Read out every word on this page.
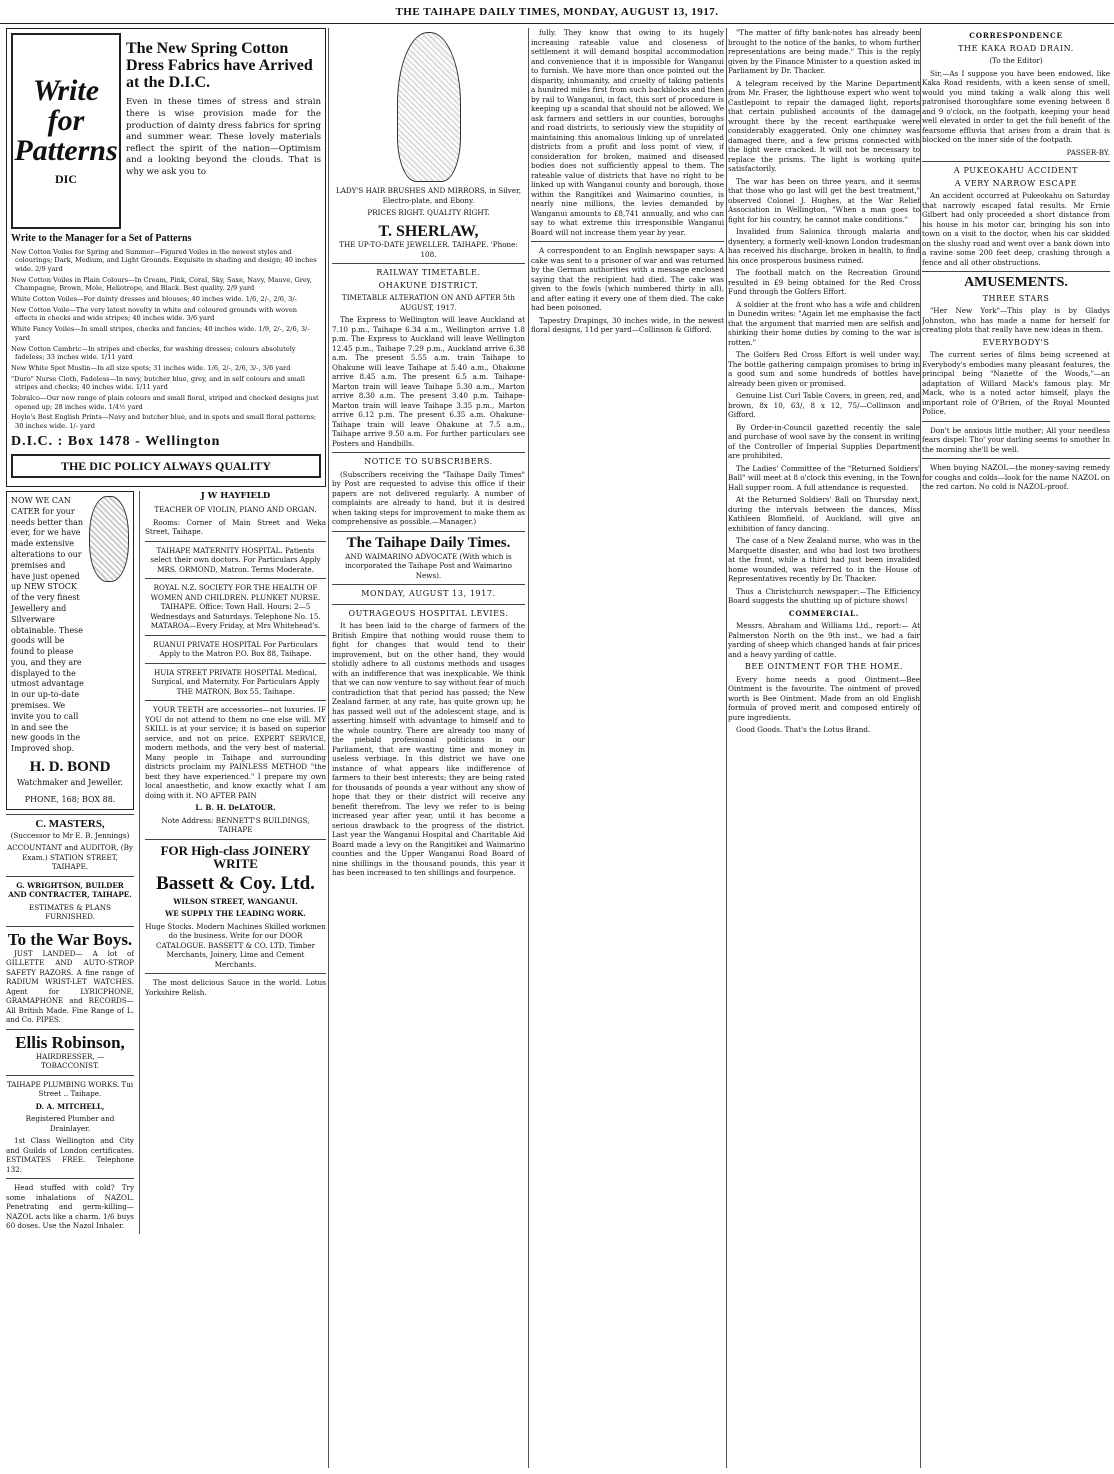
THE TAIHAPE DAILY TIMES, MONDAY, AUGUST 13, 1917.
Write for Patterns
DIC
The New Spring Cotton Dress Fabrics have Arrived at the D.I.C.
Even in these times of stress and strain there is wise provision made for the production of dainty dress fabrics for spring and summer wear. These lovely materials reflect the spirit of the nation—Optimism and a looking beyond the clouds. That is why we ask you to
Write to the Manager for a Set of Patterns
New Cotton Voiles for Spring and Summer—Figured Voiles in the newest styles and colourings; Dark, Medium, and Light Grounds. Exquisite in shading and design; 40 inches wide. 2/9 yard
New Cotton Voiles in Plain Colours—In Cream, Pink, Coral, Sky, Saxe, Navy, Mauve, Grey, Champagne, Brown, Mole, Heliotrope, and Black. Best quality. 2/9 yard
White Cotton Voiles—For dainty dresses and blouses; 40 inches wide. 1/6, 2/-, 2/6, 3/-
New Cotton Voile—The very latest novelty in white and coloured grounds with woven effects in checks and wide stripes; 40 inches wide. 3/6 yard
White Fancy Voiles—In small stripes, checks and fancies; 40 inches wide. 1/9, 2/-, 2/6, 3/- yard
New Cotton Cambric—In stripes and checks, for washing dresses; colours absolutely fadeless; 33 inches wide. 1/11 yard
New White Spot Muslin—In all size spots; 31 inches wide. 1/6, 2/-, 2/6, 3/-, 3/6 yard
"Duro" Nurse Cloth, Fadeless—In navy, butcher blue, grey, and in self colours and small stripes and checks; 40 inches wide. 1/11 yard
Tobralco—Our new range of plain colours and small floral, striped and checked designs just opened up; 28 inches wide. 1/4½ yard
Hoyle's Best English Prints—Navy and butcher blue, and in spots and small floral patterns; 30 inches wide. 1/- yard
D.I.C. : Box 1478 - Wellington
THE DIC POLICY ALWAYS QUALITY
NOW WE CAN CATER for your needs better than ever, for we have made extensive alterations to our premises and have just opened up NEW STOCK of the very finest Jewellery and Silverware obtainable. These goods will be found to please you, and they are displayed to the utmost advantage in our up-to-date premises. We invite you to call in and see the new goods in the Improved shop.
H. D. BOND
Watchmaker and Jeweller.
PHONE, 168; BOX 88.
C. MASTERS,

(Successor to Mr E. B. Jennings)

ACCOUNTANT and AUDITOR, (By Exam.) STATION STREET, TAIHAPE.

G. WRIGHTSON, BUILDER AND CONTRACTER, TAIHAPE.

ESTIMATES & PLANS FURNISHED.

To the War Boys.

JUST LANDED— A lot of GILLETTE AND AUTO-STROP SAFETY RAZORS. A fine range of RADIUM WRIST-LET WATCHES. Agent for LYRICPHONE, GRAMAPHONE and RECORDS—All British Made. Fine Range of L. and Co. PIPES.

Ellis Robinson,

HAIRDRESSER, — TOBACCONIST.

TAIHAPE PLUMBING WORKS. Tui Street .. Taihape.

D. A. MITCHELL,

Registered Plumber and Drainlayer.

1st Class Wellington and City and Guilds of London certificates. ESTIMATES FREE. Telephone 132.

Head stuffed with cold? Try some inhalations of NAZOL. Penetrating and germ-killing—NAZOL acts like a charm. 1/6 buys 60 doses. Use the Nazol Inhaler.

J W HAYFIELD

TEACHER OF VIOLIN, PIANO AND ORGAN.

Rooms: Corner of Main Street and Weka Street, Taihape.

TAIHAPE MATERNITY HOSPITAL. Patients select their own doctors. For Particulars Apply MRS. ORMOND, Matron. Terms Moderate.

ROYAL N.Z. SOCIETY FOR THE HEALTH OF WOMEN AND CHILDREN. PLUNKET NURSE. TAIHAPE. Office: Town Hall. Hours: 2—5 Wednesdays and Saturdays. Telephone No. 15. MATAROA—Every Friday, at Mrs Whitehead's.

RUANUI PRIVATE HOSPITAL For Particulars Apply to the Matron P.O. Box 88, Taihape.

HUIA STREET PRIVATE HOSPITAL Medical, Surgical, and Maternity. For Particulars Apply THE MATRON, Box 55, Taihape.

YOUR TEETH are accessories—not luxuries. IF YOU do not attend to them no one else will. MY SKILL is at your service; it is based on superior service, and not on price. EXPERT SERVICE, modern methods, and the very best of material. Many people in Taihape and surrounding districts proclaim my PAINLESS METHOD "the best they have experienced." I prepare my own local anaesthetic, and know exactly what I am doing with it. NO AFTER PAIN

L. B. H. DeLATOUR.

Note Address: BENNETT'S BUILDINGS, TAIHAPE

FOR High-class JOINERY WRITE
Bassett & Coy. Ltd.

WILSON STREET, WANGANUI.

WE SUPPLY THE LEADING WORK.

Huge Stocks. Modern Machines Skilled workmen do the business. Write for our DOOR CATALOGUE. BASSETT & CO. LTD. Timber Merchants, Joinery, Lime and Cement Merchants.

The most delicious Sauce in the world. Lotus Yorkshire Relish.

LADY'S HAIR BRUSHES AND MIRRORS, in Silver, Electro-plate, and Ebony.

PRICES RIGHT. QUALITY RIGHT.

T. SHERLAW,

THE UP-TO-DATE JEWELLER. TAIHAPE. 'Phone: 108.

RAILWAY TIMETABLE.
OHAKUNE DISTRICT.

TIMETABLE ALTERATION ON AND AFTER 5th AUGUST, 1917.

The Express to Wellington will leave Auckland at 7.10 p.m., Taihape 6.34 a.m., Wellington arrive 1.8 p.m. The Express to Auckland will leave Wellington 12.45 p.m., Taihape 7.29 p.m., Auckland arrive 6.38 a.m. The present 5.55 a.m. train Taihape to Ohakune will leave Taihape at 5.40 a.m., Ohakune arrive 8.45 a.m. The present 6.5 a.m. Taihape-Marton train will leave Taihape 5.30 a.m., Marton arrive 8.30 a.m. The present 3.40 p.m. Taihape-Marton train will leave Taihape 3.35 p.m., Marton arrive 6.12 p.m. The present 6.35 a.m. Ohakune-Taihape train will leave Ohakune at 7.5 a.m., Taihape arrive 9.50 a.m. For further particulars see Posters and Handbills.

NOTICE TO SUBSCRIBERS.

(Subscribers receiving the "Taihape Daily Times" by Post are requested to advise this office if their papers are not delivered regularly. A number of complaints are already to hand, but it is desired when taking steps for improvement to make them as comprehensive as possible.—Manager.)

The Taihape Daily Times.

AND WAIMARINO ADVOCATE (With which is incorporated the Taihape Post and Waimarino News).

MONDAY, AUGUST 13, 1917.
OUTRAGEOUS HOSPITAL LEVIES.

It has been laid to the charge of farmers of the British Empire that nothing would rouse them to fight for changes that would tend to their improvement, but on the other hand, they would stolidly adhere to all customs methods and usages with an indifference that was inexplicable. We think that we can now venture to say without fear of much contradiction that that period has passed; the New Zealand farmer, at any rate, has quite grown up; he has passed well out of the adolescent stage, and is asserting himself with advantage to himself and to the whole country. There are already too many of the piebald professional politicians in our Parliament, that are wasting time and money in useless verbiage. In this district we have one instance of what appears like indifference of farmers to their best interests; they are being rated for thousands of pounds a year without any show of hope that they or their district will receive any benefit therefrom. The levy we refer to is being increased year after year, until it has become a serious drawback to the progress of the district. Last year the Wanganui Hospital and Charitable Aid Board made a levy on the Rangitikei and Waimarino counties and the Upper Wanganui Road Board of nine shillings in the thousand pounds, this year it has been increased to ten shillings and fourpence.

fully. They know that owing to its hugely increasing rateable value and closeness of settlement it will demand hospital accommodation and convenience that it is impossible for Wanganui to furnish. We have more than once pointed out the disparity, inhumanity, and cruelty of taking patients a hundred miles first from such backblocks and then by rail to Wanganui, in fact, this sort of procedure is keeping up a scandal that should not be allowed. We ask farmers and settlers in our counties, boroughs and road districts, to seriously view the stupidity of maintaining this anomalous linking up of unrelated districts from a profit and loss point of view, if consideration for broken, maimed and diseased bodies does not sufficiently appeal to them. The rateable value of districts that have no right to be linked up with Wanganui county and borough, those within the Rangitikei and Waimarino counties, is nearly nine millions, the levies demanded by Wanganui amounts to £8,741 annually, and who can say to what extreme this irresponsible Wanganui Board will not increase them year by year.

A correspondent to an English newspaper says: A cake was sent to a prisoner of war and was returned by the German authorities with a message enclosed saying that the recipient had died. The cake was given to the fowls (which numbered thirty in all), and after eating it every one of them died. The cake had been poisoned.

Tapestry Drapings, 30 inches wide, in the newest floral designs, 11d per yard—Collinson & Gifford.

"The matter of fifty bank-notes has already been brought to the notice of the banks, to whom further representations are being made." This is the reply given by the Finance Minister to a question asked in Parliament by Dr. Thacker.

A telegram received by the Marine Department from Mr. Fraser, the lighthouse expert who went to Castlepoint to repair the damaged light, reports that certain published accounts of the damage wrought there by the recent earthquake were considerably exaggerated. Only one chimney was damaged there, and a few prisms connected with the light were cracked. It will not be necessary to replace the prisms. The light is working quite satisfactorily.

The war has been on three years, and it seems that those who go last will get the best treatment," observed Colonel J. Hughes, at the War Relief Association in Wellington. "When a man goes to fight for his country, he cannot make conditions."

Invalided from Salonica through malaria and dysentery, a formerly well-known London tradesman has received his discharge, broken in health, to find his once prosperous business ruined.

The football match on the Recreation Ground resulted in £9 being obtained for the Red Cross Fund through the Golfers Effort.

A soldier at the front who has a wife and children in Dunedin writes: "Again let me emphasise the fact that the argument that married men are selfish and shirking their home duties by coming to the war is rotten."

The Golfers Red Cross Effort is well under way. The bottle gathering campaign promises to bring in a good sum and some hundreds of bottles have already been given or promised.

Genuine List Curl Table Covers, in green, red, and brown, 8x 10, 63/, 8 x 12, 75/—Collinson and Gifford.

By Order-in-Council gazetted recently the sale and purchase of wool save by the consent in writing of the Controller of Imperial Supplies Department are prohibited.

The Ladies' Committee of the "Returned Soldiers' Ball" will meet at 8 o'clock this evening, in the Town Hall supper room. A full attendance is requested.

At the Returned Soldiers' Ball on Thursday next, during the intervals between the dances, Miss Kathleen Blomfield, of Auckland, will give an exhibition of fancy dancing.

The case of a New Zealand nurse, who was in the Marquette disaster, and who had lost two brothers at the front, while a third had just been invalided home wounded, was referred to in the House of Representatives recently by Dr. Thacker.

Thus a Christchurch newspaper:—The Efficiency Board suggests the shutting up of picture shows!

COMMERCIAL.

Messrs. Abraham and Williams Ltd., report:— At Palmerston North on the 9th inst., we had a fair yarding of sheep which changed hands at fair prices and a heavy yarding of cattle.

BEE OINTMENT FOR THE HOME.

Every home needs a good Ointment—Bee Ointment is the favourite. The ointment of proved worth is Bee Ointment. Made from an old English formula of proved merit and composed entirely of pure ingredients.

Good Goods. That's the Lotus Brand.

CORRESPONDENCE
THE KAKA ROAD DRAIN.

(To the Editor)

Sir,—As I suppose you have been endowed, like Kaka Road residents, with a keen sense of smell, would you mind taking a walk along this well patronised thoroughfare some evening between 8 and 9 o'clock, on the footpath, keeping your head well elevated in order to get the full benefit of the fearsome effluvia that arises from a drain that is blocked on the inner side of the footpath.

PASSER-BY.

A PUKEOKAHU ACCIDENT
A VERY NARROW ESCAPE

An accident occurred at Pukeokahu on Saturday that narrowly escaped fatal results. Mr Ernie Gilbert had only proceeded a short distance from his house in his motor car, bringing his son into town on a visit to the doctor, when his car skidded on the slushy road and went over a bank down into a ravine some 200 feet deep, crashing through a fence and all other obstructions.

AMUSEMENTS.
THREE STARS

"Her New York"—This play is by Gladys Johnston, who has made a name for herself for creating plots that really have new ideas in them.

EVERYBODY'S

The current series of films being screened at Everybody's embodies many pleasant features, the principal being "Nanette of the Woods,"—an adaptation of Willard Mack's famous play. Mr Mack, who is a noted actor himself, plays the important role of O'Brien, of the Royal Mounted Police.

Don't be anxious little mother; All your needless fears dispel: Tho' your darling seems to smother In the morning she'll be well.

When buying NAZOL—the money-saving remedy for coughs and colds—look for the name NAZOL on the red carton. No cold is NAZOL-proof.
